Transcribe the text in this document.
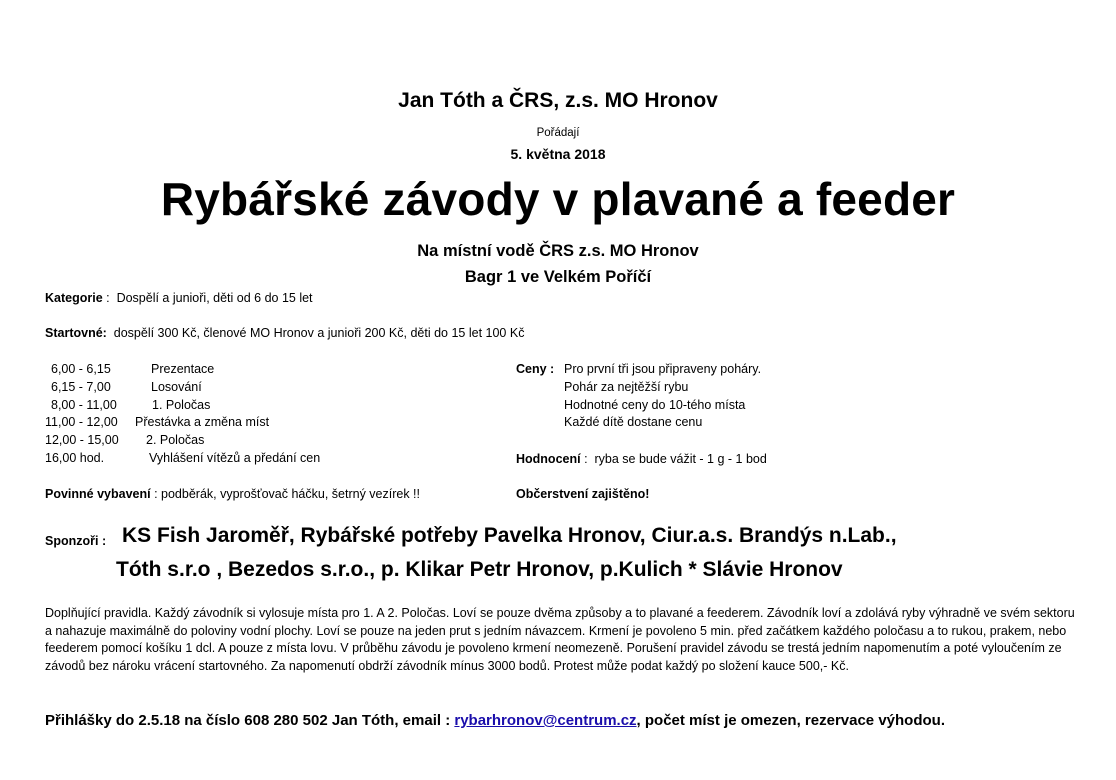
Jan Tóth a ČRS, z.s. MO Hronov
Pořádají
5. května 2018
Rybářské závody v plavané a feeder
Na místní vodě ČRS z.s. MO Hronov
Bagr 1 ve Velkém Poříčí
Kategorie :  Dospělí a junioři, děti od 6 do 15 let
Startovné: dospělí 300 Kč, členové MO Hronov a junioři 200 Kč, děti do 15 let 100 Kč
6,00 - 6,15	Prezentace
6,15 - 7,00	Losování
8,00 - 11,00	1. Poločas
11,00 - 12,00 Přestávka a změna míst
12,00 - 15,00 2. Poločas
16,00 hod.	Vyhlášení vítězů a předání cen
Ceny : Pro první tři jsou připraveny poháry.
Pohár za nejtěžší rybu
Hodnotné ceny do 10-tého místa
Každé dítě dostane cenu
Hodnocení :  ryba se bude vážit - 1 g - 1 bod
Povinné vybavení : podběrák, vyprošťovač háčku, šetrný vezírek !!	Občerstvení zajištěno!
Sponzoři : KS Fish Jaroměř, Rybářské potřeby Pavelka Hronov, Ciur.a.s. Brandýs n.Lab.,
Tóth s.r.o , Bezedos s.r.o., p. Klikar Petr Hronov, p.Kulich * Slávie Hronov
Doplňující pravidla. Každý závodník si vylosuje místa pro 1. A 2. Poločas. Loví se pouze dvěma způsoby a to plavané a feederem. Závodník loví a zdolává ryby výhradně ve svém sektoru a nahazuje maximálně do poloviny vodní plochy. Loví se pouze na jeden prut s jedním návazcem. Krmení je povoleno 5 min. před začátkem každého poločasu a to rukou, prakem, nebo feederem pomocí košíku 1 dcl. A pouze z místa lovu. V průběhu závodu je povoleno krmení neomezeně. Porušení pravidel závodu se trestá jedním napomenutím a poté vyloučením ze závodů bez nároku vrácení startovného. Za napomenutí obdrží závodník mínus 3000 bodů. Protest může podat každý po složení kauce 500,- Kč.
Přihlášky do 2.5.18 na číslo 608 280 502 Jan Tóth, email : rybarhronov@centrum.cz, počet míst je omezen, rezervace výhodou.
